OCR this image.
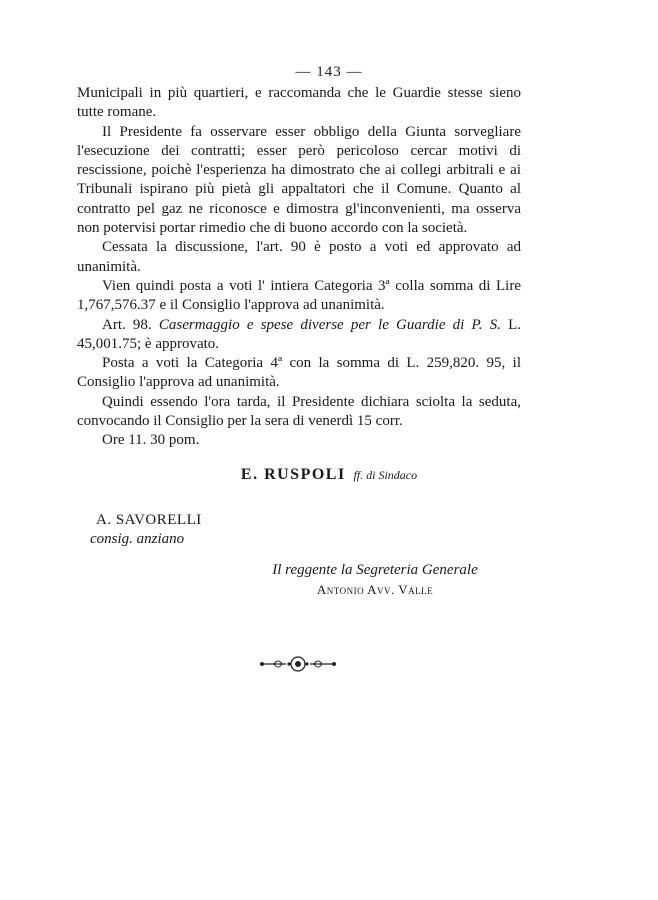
— 143 —

Municipali in più quartieri, e raccomanda che le Guardie stesse sieno tutte romane.

Il Presidente fa osservare esser obbligo della Giunta sorvegliare l'esecuzione dei contratti; esser però pericoloso cercar motivi di rescissione, poichè l'esperienza ha dimostrato che ai collegi arbitrali e ai Tribunali ispirano più pietà gli appaltatori che il Comune. Quanto al contratto pel gaz ne riconosce e dimostra gl'inconvenienti, ma osserva non potervisi portar rimedio che di buono accordo con la società.

Cessata la discussione, l'art. 90 è posto a voti ed approvato ad unanimità.

Vien quindi posta a voti l' intiera Categoria 3ª colla somma di Lire 1,767,576.37 e il Consiglio l'approva ad unanimità.

Art. 98. Casermaggio e spese diverse per le Guardie di P. S. L. 45,001.75; è approvato.

Posta a voti la Categoria 4ª con la somma di L. 259,820. 95, il Consiglio l'approva ad unanimità.

Quindi essendo l'ora tarda, il Presidente dichiara sciolta la seduta, convocando il Consiglio per la sera di venerdì 15 corr.

Ore 11. 30 pom.

E. RUSPOLI ff. di Sindaco
A. SAVORELLI
consig. anziano
Il reggente la Segreteria Generale
Antonio Avv. Valle
